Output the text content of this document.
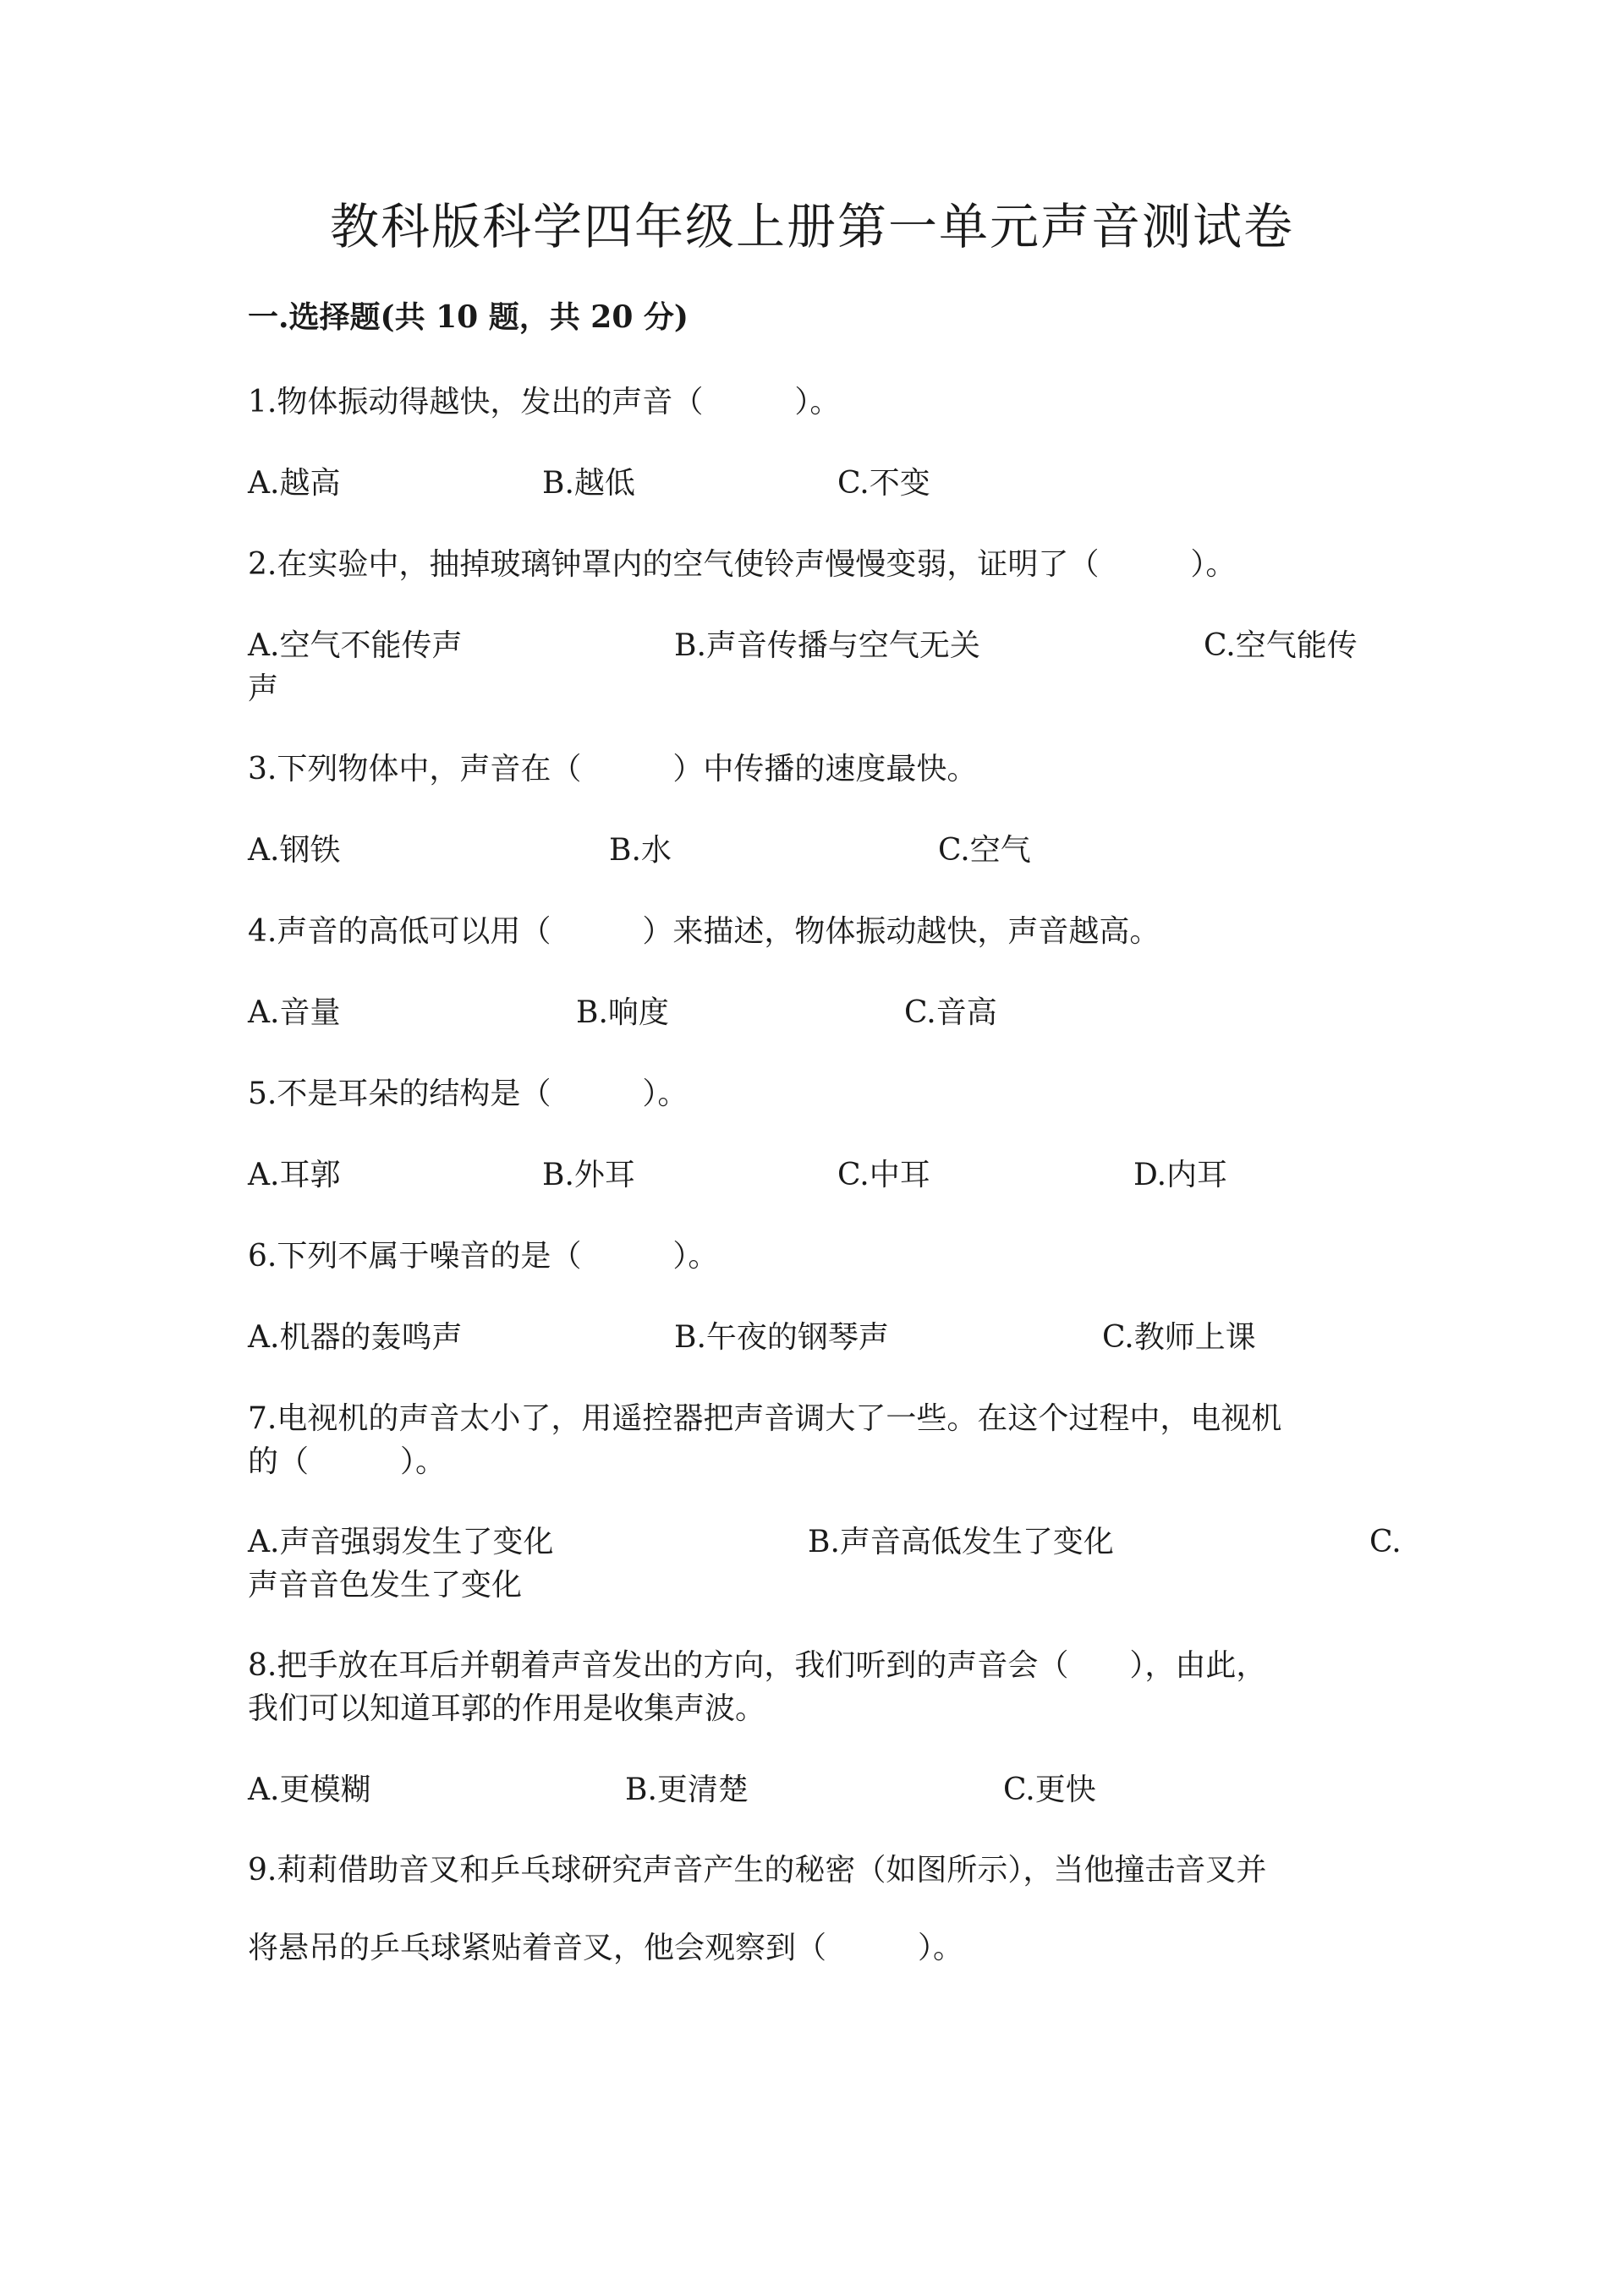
教科版科学四年级上册第一单元声音测试卷
一.选择题(共 10 题，共 20 分)
1.物体振动得越快，发出的声音（　　　）。
A.越高	B.越低	C.不变
2.在实验中，抽掉玻璃钟罩内的空气使铃声慢慢变弱，证明了（　　　）。
A.空气不能传声	B.声音传播与空气无关	C.空气能传
声
3.下列物体中，声音在（　　　）中传播的速度最快。
A.钢铁	B.水	C.空气
4.声音的高低可以用（　　　）来描述，物体振动越快，声音越高。
A.音量	B.响度	C.音高
5.不是耳朵的结构是（　　　）。
A.耳郭	B.外耳	C.中耳	D.内耳
6.下列不属于噪音的是（　　　）。
A.机器的轰鸣声	B.午夜的钢琴声	C.教师上课
7.电视机的声音太小了，用遥控器把声音调大了一些。在这个过程中，电视机
的（　　　）。
A.声音强弱发生了变化	B.声音高低发生了变化	C.
声音音色发生了变化
8.把手放在耳后并朝着声音发出的方向，我们听到的声音会（　　），由此，
我们可以知道耳郭的作用是收集声波。
A.更模糊	B.更清楚	C.更快
9.莉莉借助音叉和乒乓球研究声音产生的秘密（如图所示），当他撞击音叉并
将悬吊的乒乓球紧贴着音叉，他会观察到（　　　）。
